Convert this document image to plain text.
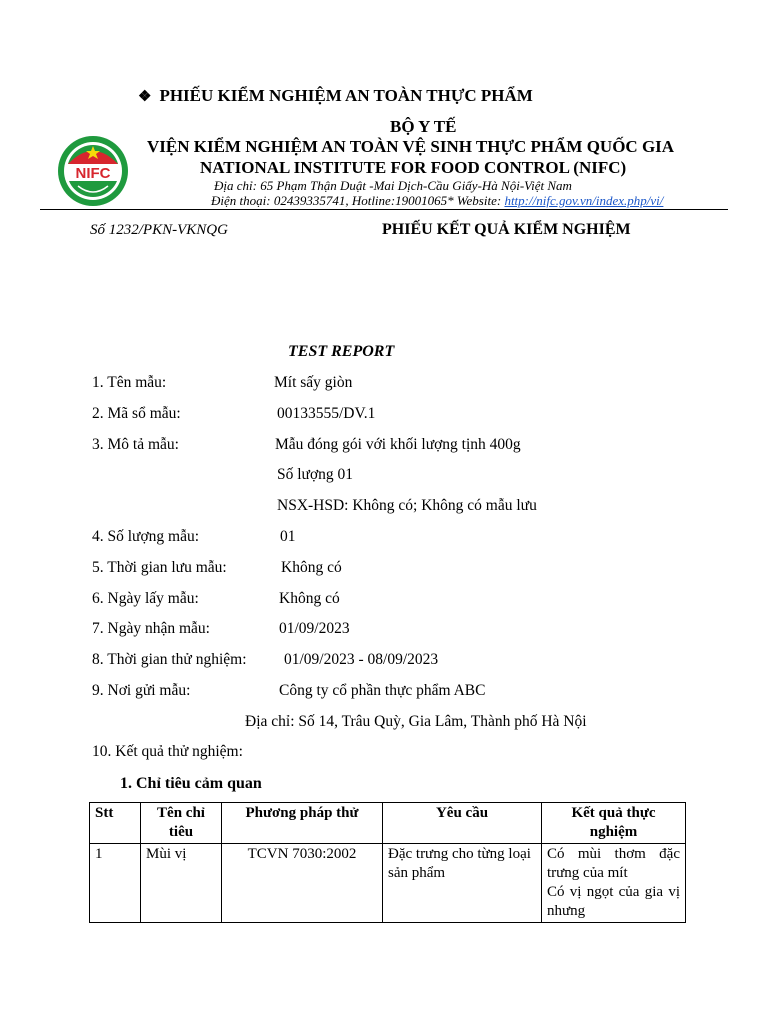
❖ PHIẾU KIỂM NGHIỆM AN TOÀN THỰC PHẨM
NIFC
BỘ Y TẾ
VIỆN KIỂM NGHIỆM AN TOÀN VỆ SINH THỰC PHẨM QUỐC GIA
NATIONAL INSTITUTE FOR FOOD CONTROL (NIFC)
Địa chỉ: 65 Phạm Thận Duật -Mai Dịch-Cầu Giấy-Hà Nội-Việt Nam
Điện thoại: 02439335741, Hotline:19001065* Website: http://nifc.gov.vn/index.php/vi/
Số 1232/PKN-VKNQG	PHIẾU KẾT QUẢ KIỂM NGHIỆM
TEST REPORT
1. Tên mẫu:	Mít sấy giòn
2. Mã sổ mẫu:	00133555/DV.1
3. Mô tả mẫu:	Mẫu đóng gói với khối lượng tịnh 400g
Số lượng 01
NSX-HSD: Không có; Không có mẫu lưu
4. Số lượng mẫu:	01
5. Thời gian lưu mẫu:	Không có
6. Ngày lấy mẫu:	Không có
7. Ngày nhận mẫu:	01/09/2023
8. Thời gian thử nghiệm: 01/09/2023 - 08/09/2023
9. Nơi gửi mẫu:	Công ty cổ phần thực phẩm ABC
Địa chỉ: Số 14, Trâu Quỳ, Gia Lâm, Thành phố Hà Nội
10. Kết quả thử nghiệm:
1. Chỉ tiêu cảm quan
Stt	Tên chỉ tiêu	Phương pháp thử	Yêu cầu	Kết quả thực nghiệm
1	Mùi vị	TCVN 7030:2002	Đặc trưng cho từng loại sản phẩm	Có mùi thơm đặc trưng của mít
Có vị ngọt của gia vị nhưng
